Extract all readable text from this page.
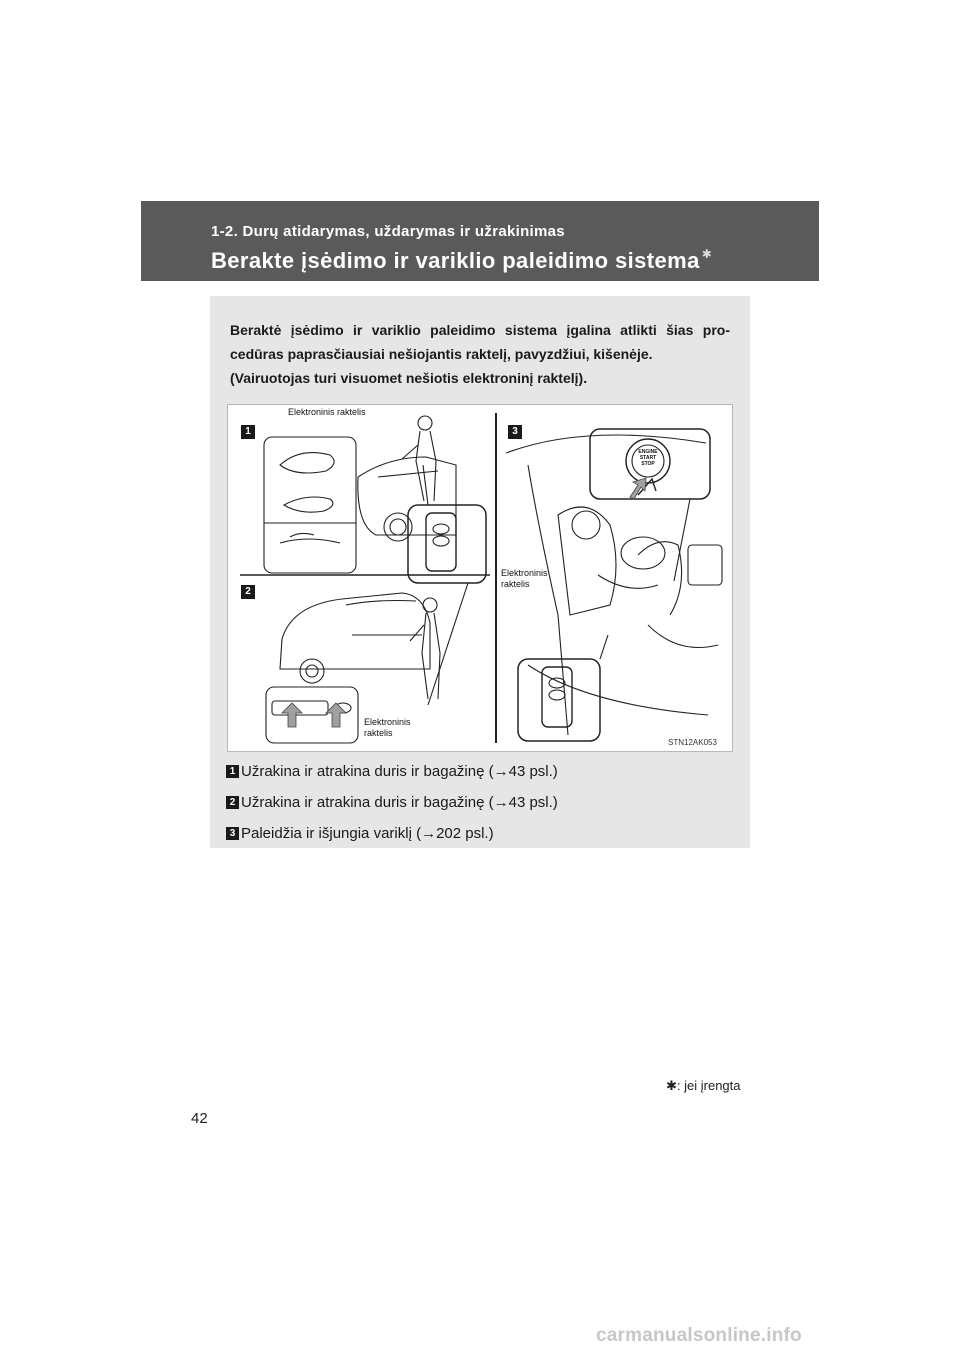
1-2. Durų atidarymas, uždarymas ir užrakinimas
Berakte įsėdimo ir variklio paleidimo sistema ✱
Beraktė įsėdimo ir variklio paleidimo sistema įgalina atlikti šias pro-
cedūras paprasčiausiai nešiojantis raktelį, pavyzdžiui, kišenėje.
(Vairuotojas turi visuomet nešiotis elektroninį raktelį).
Elektroninis raktelis
Elektroninis
raktelis
Elektroninis
raktelis
1
2
3
ENGINE
START
STOP
STN12AK053
1 Užrakina ir atrakina duris ir bagažinę (→43 psl.)
2 Užrakina ir atrakina duris ir bagažinę (→43 psl.)
3 Paleidžia ir išjungia variklį (→202 psl.)
✱: jei įrengta
42
carmanualsonline.info
